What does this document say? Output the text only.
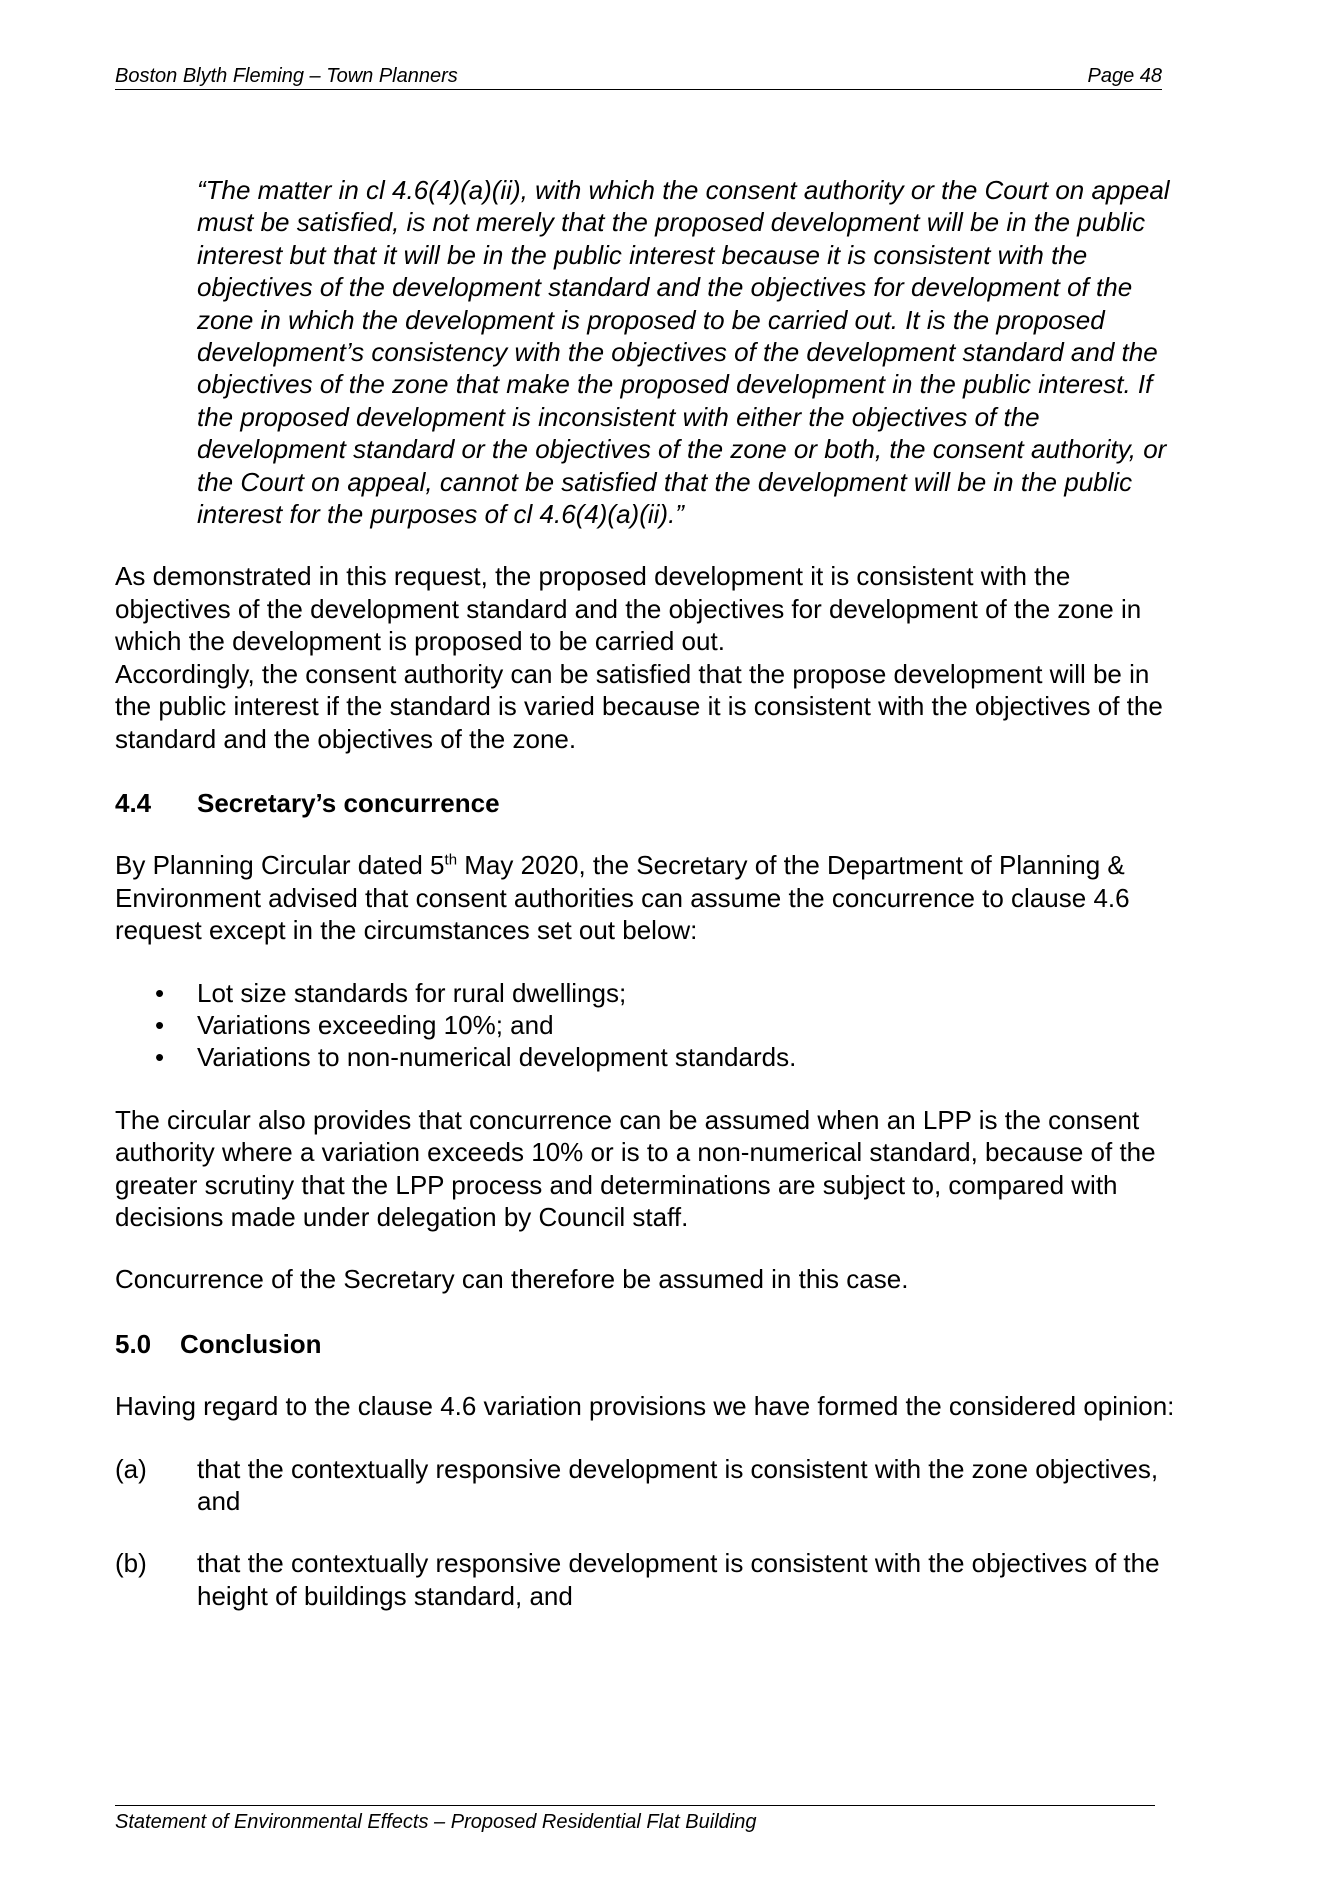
Boston Blyth Fleming – Town Planners	Page 48

“The matter in cl 4.6(4)(a)(ii), with which the consent authority or the Court on appeal must be satisfied, is not merely that the proposed development will be in the public interest but that it will be in the public interest because it is consistent with the objectives of the development standard and the objectives for development of the zone in which the development is proposed to be carried out. It is the proposed development’s consistency with the objectives of the development standard and the objectives of the zone that make the proposed development in the public interest. If the proposed development is inconsistent with either the objectives of the development standard or the objectives of the zone or both, the consent authority, or the Court on appeal, cannot be satisfied that the development will be in the public interest for the purposes of cl 4.6(4)(a)(ii).”

As demonstrated in this request, the proposed development it is consistent with the objectives of the development standard and the objectives for development of the zone in which the development is proposed to be carried out.

Accordingly, the consent authority can be satisfied that the propose development will be in the public interest if the standard is varied because it is consistent with the objectives of the standard and the objectives of the zone.

4.4	Secretary’s concurrence

By Planning Circular dated 5th May 2020, the Secretary of the Department of Planning & Environment advised that consent authorities can assume the concurrence to clause 4.6 request except in the circumstances set out below:

• Lot size standards for rural dwellings;
• Variations exceeding 10%; and
• Variations to non-numerical development standards.

The circular also provides that concurrence can be assumed when an LPP is the consent authority where a variation exceeds 10% or is to a non-numerical standard, because of the greater scrutiny that the LPP process and determinations are subject to, compared with decisions made under delegation by Council staff.

Concurrence of the Secretary can therefore be assumed in this case.

5.0	Conclusion

Having regard to the clause 4.6 variation provisions we have formed the considered opinion:

(a)	that the contextually responsive development is consistent with the zone objectives, and
(b)	that the contextually responsive development is consistent with the objectives of the height of buildings standard, and
Statement of Environmental Effects – Proposed Residential Flat Building
